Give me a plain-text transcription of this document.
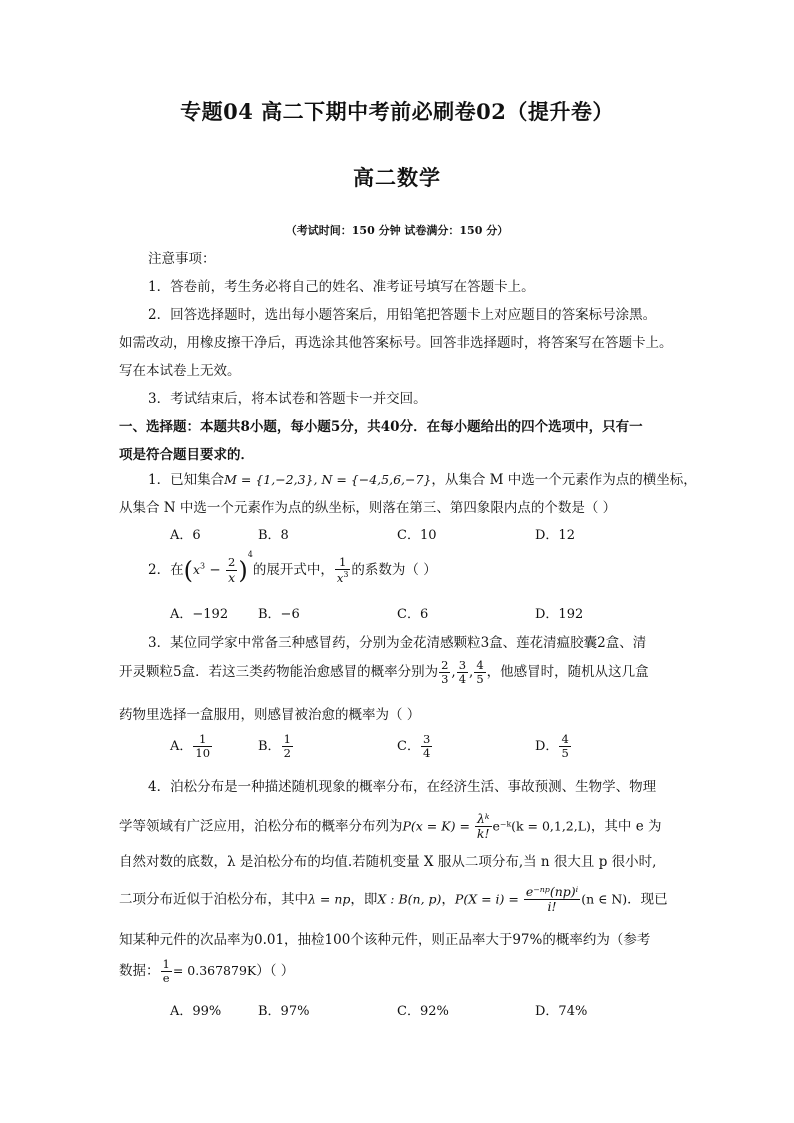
专题04 高二下期中考前必刷卷02（提升卷）
高二数学
（考试时间：150 分钟 试卷满分：150 分）
注意事项：
1．答卷前，考生务必将自己的姓名、准考证号填写在答题卡上。
2．回答选择题时，选出每小题答案后，用铅笔把答题卡上对应题目的答案标号涂黑。
如需改动，用橡皮擦干净后，再选涂其他答案标号。回答非选择题时，将答案写在答题卡上。
写在本试卷上无效。
3．考试结束后，将本试卷和答题卡一并交回。
一、选择题：本题共8小题，每小题5分，共40分．在每小题给出的四个选项中，只有一
项是符合题目要求的．
1．已知集合M = {1,−2,3}, N = {−4,5,6,−7}，从集合 M 中选一个元素作为点的横坐标，
从集合 N 中选一个元素作为点的纵坐标，则落在第三、第四象限内点的个数是（ ）
A．6	B．8	C．10	D．12
2．在$(x^3 - \frac{2}{x} )^4$的展开式中， $\frac{1}{x^3}$ 的系数为（ ）
A．−192 B．−6	C．6	D．192
3．某位同学家中常备三种感冒药，分别为金花清感颗粒3盒、莲花清瘟胶囊2盒、清
开灵颗粒5盒．若这三类药物能治愈感冒的概率分别为 $\frac{2}{3}$ , $\frac{3}{4}$ , $\frac{4}{5}$ ，他感冒时，随机从这几盒
药物里选择一盒服用，则感冒被治愈的概率为（ ）
A． $\frac{1}{10}$	B． $\frac{1}{2}$	C． $\frac{3}{4}$	D． $\frac{4}{5}$
4．泊松分布是一种描述随机现象的概率分布，在经济生活、事故预测、生物学、物理
学等领域有广泛应用，泊松分布的概率分布列为$P(x = K) = \frac{\text{λᵏ}}{k!}$ e⁻ᵏ(k = 0,1,2,L)，其中 e 为
自然对数的底数，λ 是泊松分布的均值.若随机变量 X 服从二项分布,当 n 很大且 p 很小时,
二项分布近似于泊松分布，其中λ = np，即X : B(n, p)，$P(X = i) = \frac{\text{e⁻ⁿᵖ(np)ⁱ}}{i!} (n$ ∈ N)．现已
知某种元件的次品率为0.01，抽检100个该种元件，则正品率大于97%的概率约为（参考
数据： $\frac{1}{e} = 0.367879K$）（ ）
A．99%	B．97%	C．92%	D．74%
